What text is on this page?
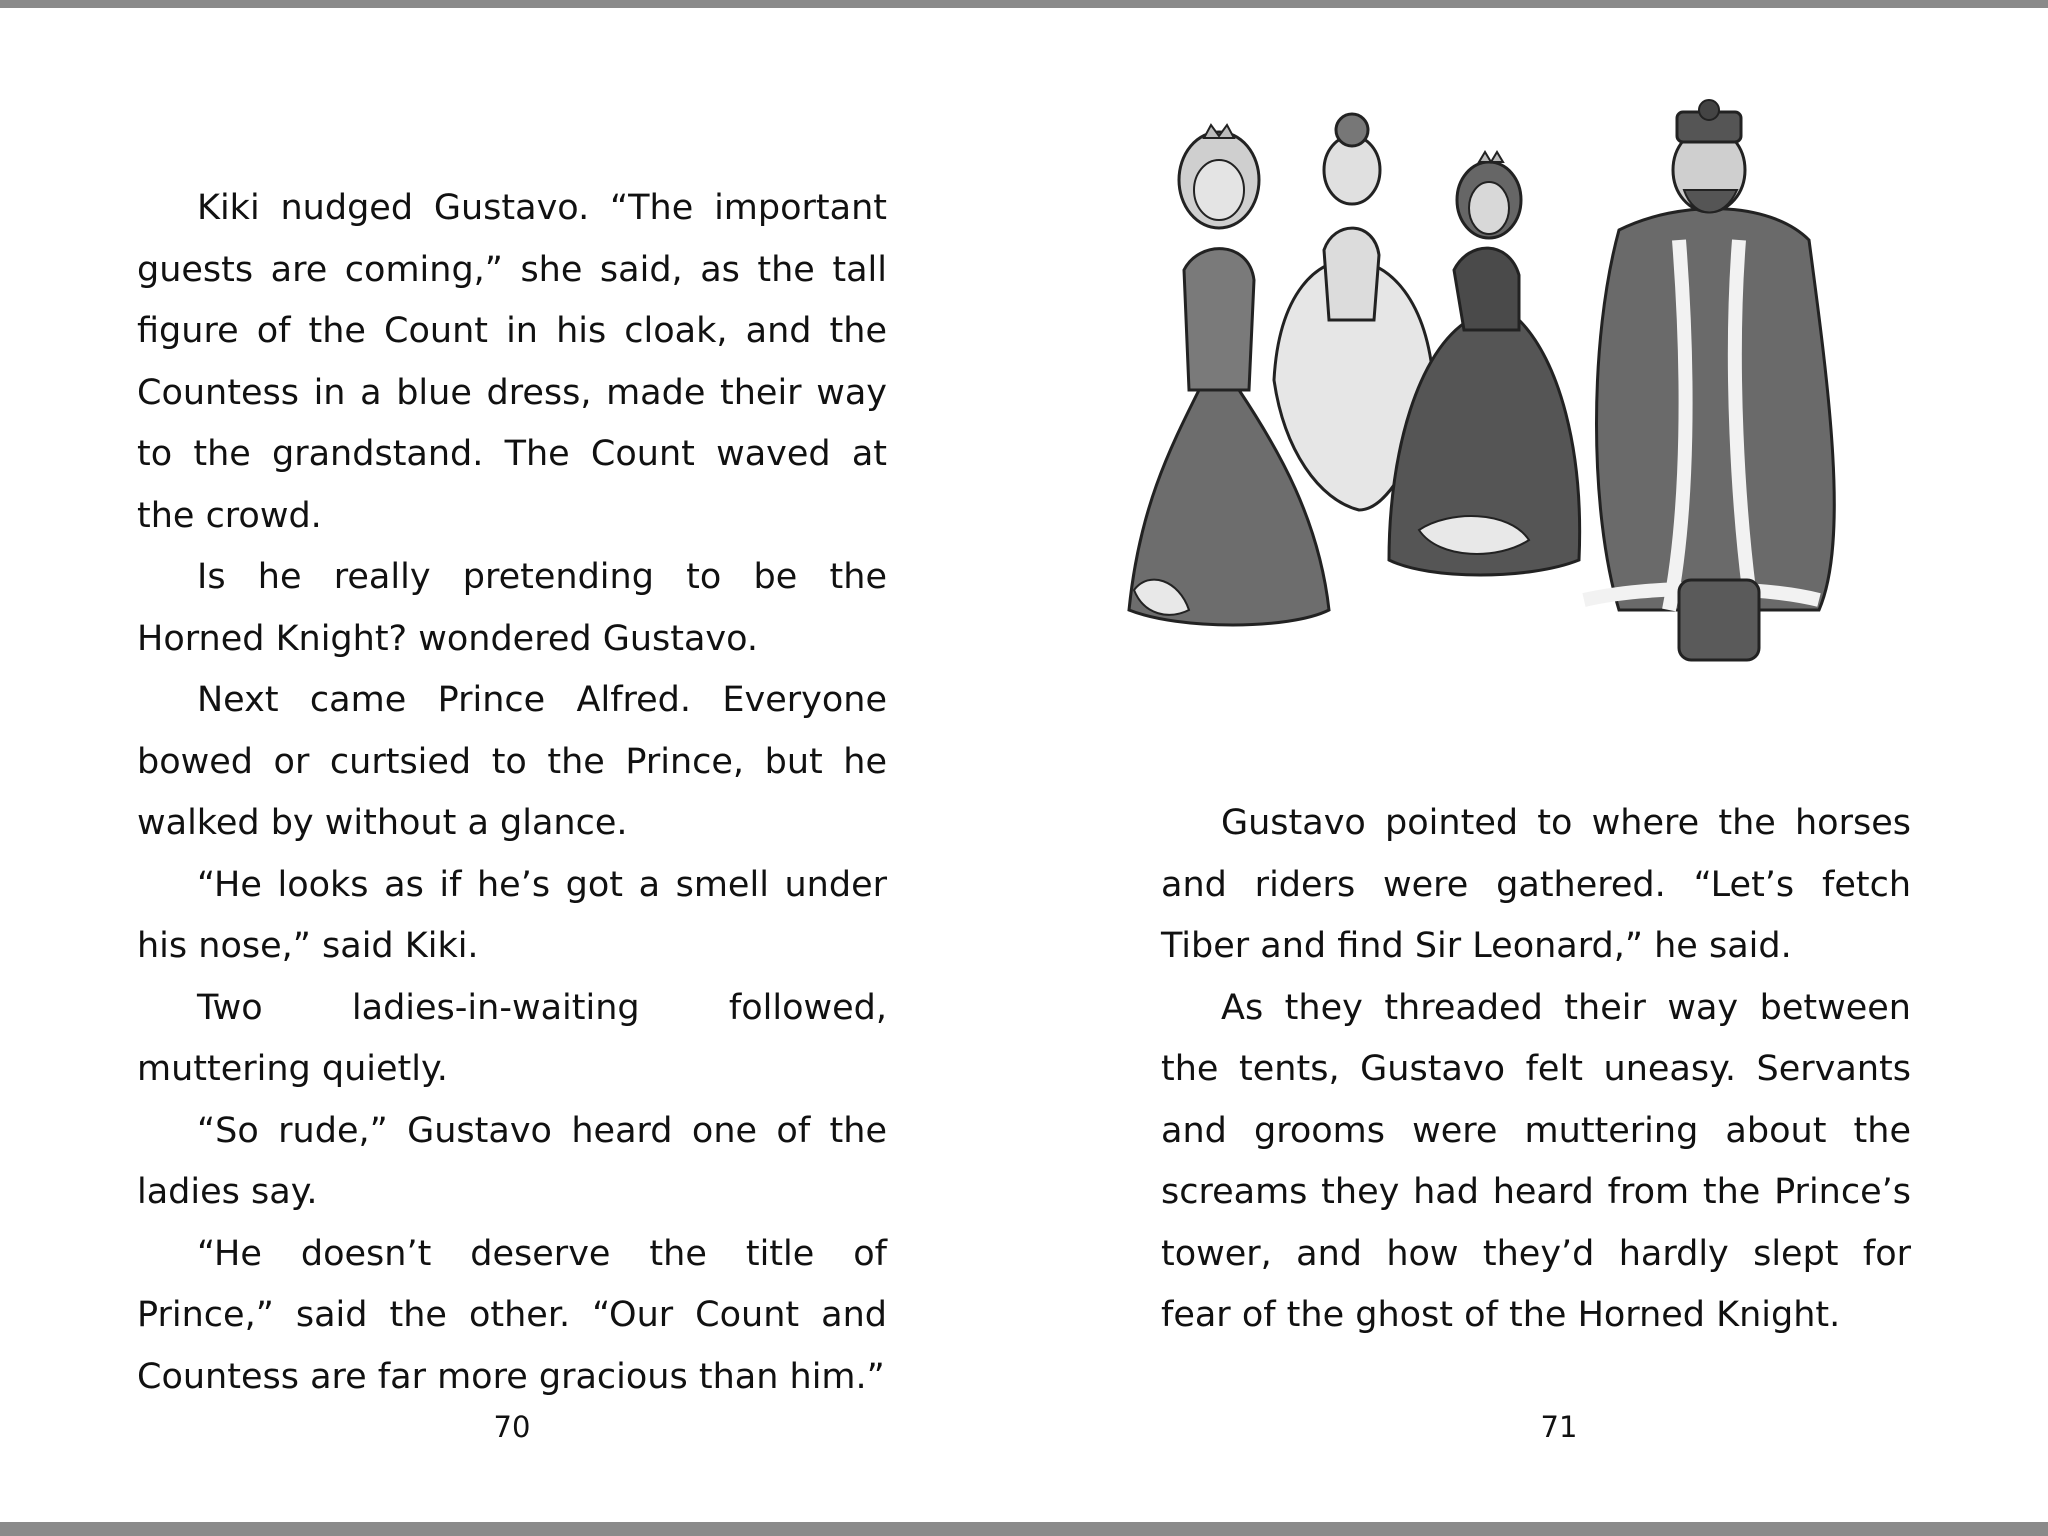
Kiki nudged Gustavo. “The important guests are coming,” she said, as the tall figure of the Count in his cloak, and the Countess in a blue dress, made their way to the grandstand. The Count waved at the crowd.

Is he really pretending to be the Horned Knight? wondered Gustavo.

Next came Prince Alfred. Everyone bowed or curtsied to the Prince, but he walked by without a glance.

“He looks as if he’s got a smell under his nose,” said Kiki.

Two ladies-in-waiting followed, muttering quietly.

“So rude,” Gustavo heard one of the ladies say.

“He doesn’t deserve the title of Prince,” said the other. “Our Count and Countess are far more gracious than him.”

70

Gustavo pointed to where the horses and riders were gathered. “Let’s fetch Tiber and find Sir Leonard,” he said.

As they threaded their way between the tents, Gustavo felt uneasy. Servants and grooms were muttering about the screams they had heard from the Prince’s tower, and how they’d hardly slept for fear of the ghost of the Horned Knight.

71
